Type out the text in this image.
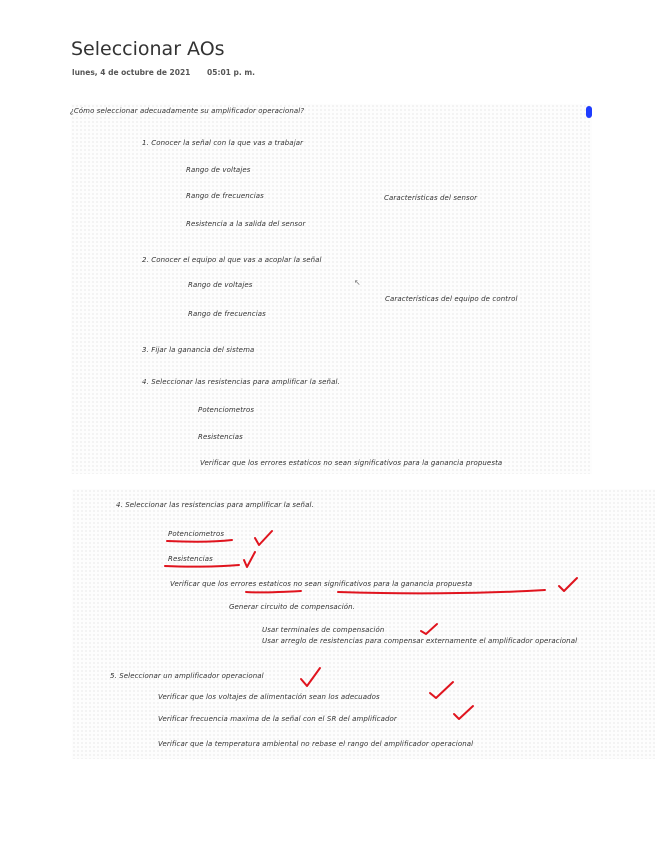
Seleccionar AOs
lunes, 4 de octubre de 2021 05:01 p. m.
¿Cómo seleccionar adecuadamente su amplificador operacional?
1. Conocer la señal con la que vas a trabajar
Rango de voltajes
Rango de frecuencias	Características del sensor
Resistencia a la salida del sensor
2. Conocer el equipo al que vas a acoplar la señal
Rango de voltajes	↖
Características del equipo de control
Rango de frecuencias
3. Fijar la ganancia del sistema
4. Seleccionar las resistencias para amplificar la señal.
Potenciometros
Resistencias
Verificar que los errores estaticos no sean significativos para la ganancia propuesta
4. Seleccionar las resistencias para amplificar la señal.
Potenciometros
Resistencias
Verificar que los errores estaticos no sean significativos para la ganancia propuesta
Generar circuito de compensación.
Usar terminales de compensación
Usar arreglo de resistencias para compensar externamente el amplificador operacional
5. Seleccionar un amplificador operacional
Verificar que los voltajes de alimentación sean los adecuados
Verificar frecuencia maxima de la señal con el SR del amplificador
Verificar que la temperatura ambiental no rebase el rango del amplificador operacional
